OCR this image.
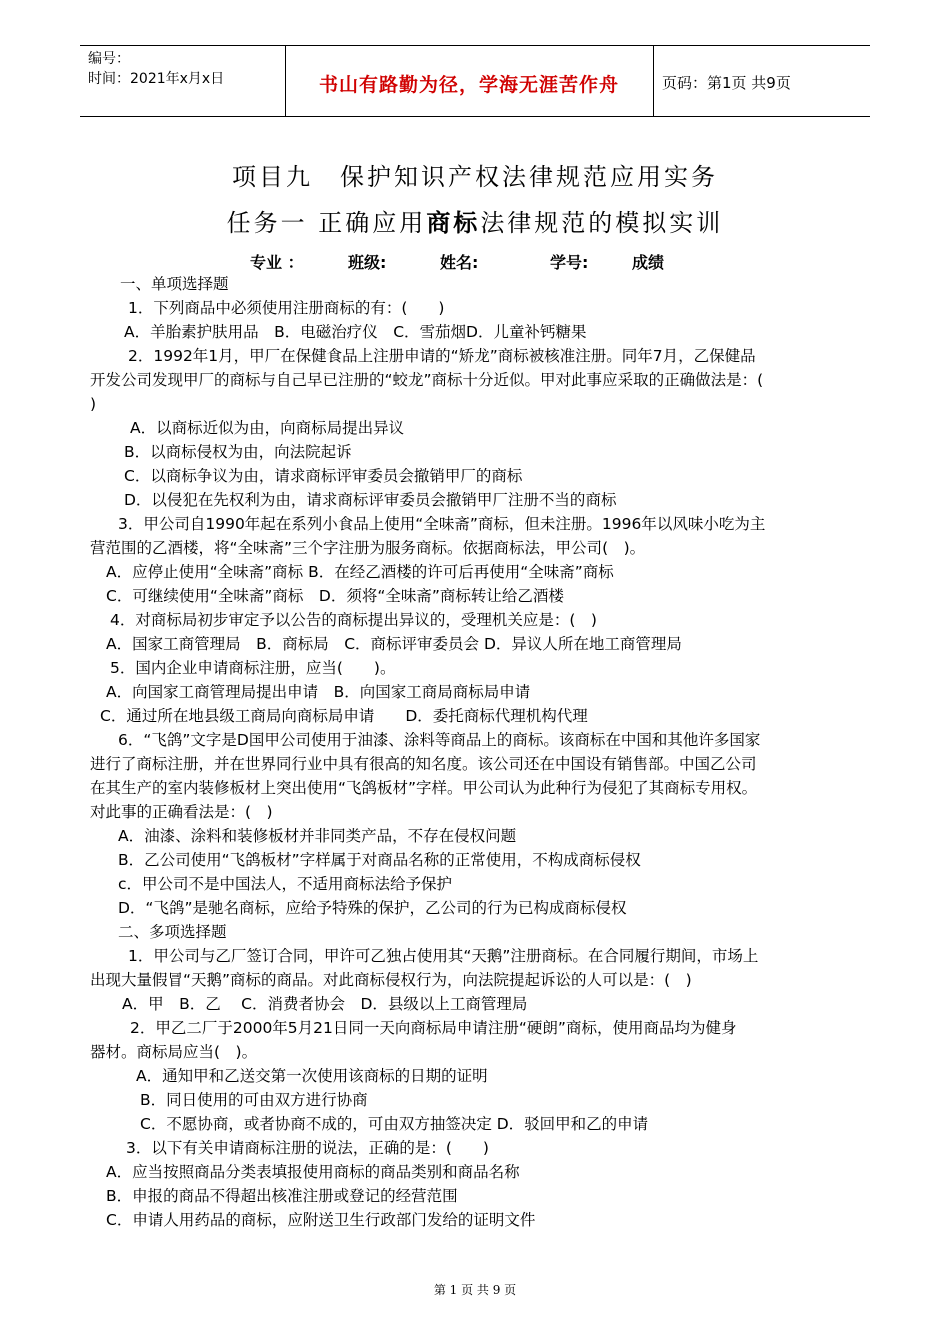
编号：
时间：2021年x月x日	书山有路勤为径，学海无涯苦作舟	页码：第1页 共9页
项目九　保护知识产权法律规范应用实务
任务一 正确应用商标法律规范的模拟实训
专业 ：	班级:	姓名:	学号:	成绩
一、单项选择题
1．下列商品中必须使用注册商标的有：(　　)
A．羊胎素护肤用品　B．电磁治疗仪　C．雪茄烟D．儿童补钙糖果
2．1992年1月，甲厂在保健食品上注册申请的“矫龙”商标被核准注册。同年7月，乙保健品
开发公司发现甲厂的商标与自己早已注册的“蛟龙”商标十分近似。甲对此事应采取的正确做法是：(
)
A．以商标近似为由，向商标局提出异议
B．以商标侵权为由，向法院起诉
C．以商标争议为由，请求商标评审委员会撤销甲厂的商标
D．以侵犯在先权利为由，请求商标评审委员会撤销甲厂注册不当的商标
3．甲公司自1990年起在系列小食品上使用“全味斋”商标，但未注册。1996年以风味小吃为主
营范围的乙酒楼，将“全味斋”三个字注册为服务商标。依据商标法，甲公司(　)。
A．应停止使用“全味斋”商标 B．在经乙酒楼的许可后再使用“全味斋”商标
C．可继续使用“全味斋”商标　D．须将“全味斋”商标转让给乙酒楼
4．对商标局初步审定予以公告的商标提出异议的，受理机关应是：(　)
A．国家工商管理局　B．商标局　C．商标评审委员会 D．异议人所在地工商管理局
5．国内企业申请商标注册，应当(　　)。
A．向国家工商管理局提出申请　B．向国家工商局商标局申请
C．通过所在地县级工商局向商标局申请　　D．委托商标代理机构代理
6．“飞鸽”文字是D国甲公司使用于油漆、涂料等商品上的商标。该商标在中国和其他许多国家
进行了商标注册，并在世界同行业中具有很高的知名度。该公司还在中国设有销售部。中国乙公司
在其生产的室内装修板材上突出使用“飞鸽板材”字样。甲公司认为此种行为侵犯了其商标专用权。
对此事的正确看法是：(　)
A．油漆、涂料和装修板材并非同类产品，不存在侵权问题
B．乙公司使用“飞鸽板材”字样属于对商品名称的正常使用，不构成商标侵权
c．甲公司不是中国法人，不适用商标法给予保护
D．“飞鸽”是驰名商标，应给予特殊的保护，乙公司的行为已构成商标侵权
二、多项选择题
1．甲公司与乙厂签订合同，甲许可乙独占使用其“天鹅”注册商标。在合同履行期间，市场上
出现大量假冒“天鹅”商标的商品。对此商标侵权行为，向法院提起诉讼的人可以是：(　)
A．甲　B．乙　 C．消费者协会　D．县级以上工商管理局
2．甲乙二厂于2000年5月21日同一天向商标局申请注册“硬朗”商标，使用商品均为健身
器材。商标局应当(　)。
A．通知甲和乙送交第一次使用该商标的日期的证明
B．同日使用的可由双方进行协商
C．不愿协商，或者协商不成的，可由双方抽签决定 D．驳回甲和乙的申请
3．以下有关申请商标注册的说法，正确的是：(　　)
A．应当按照商品分类表填报使用商标的商品类别和商品名称
B．申报的商品不得超出核准注册或登记的经营范围
C．申请人用药品的商标，应附送卫生行政部门发给的证明文件
第 1 页 共 9 页
